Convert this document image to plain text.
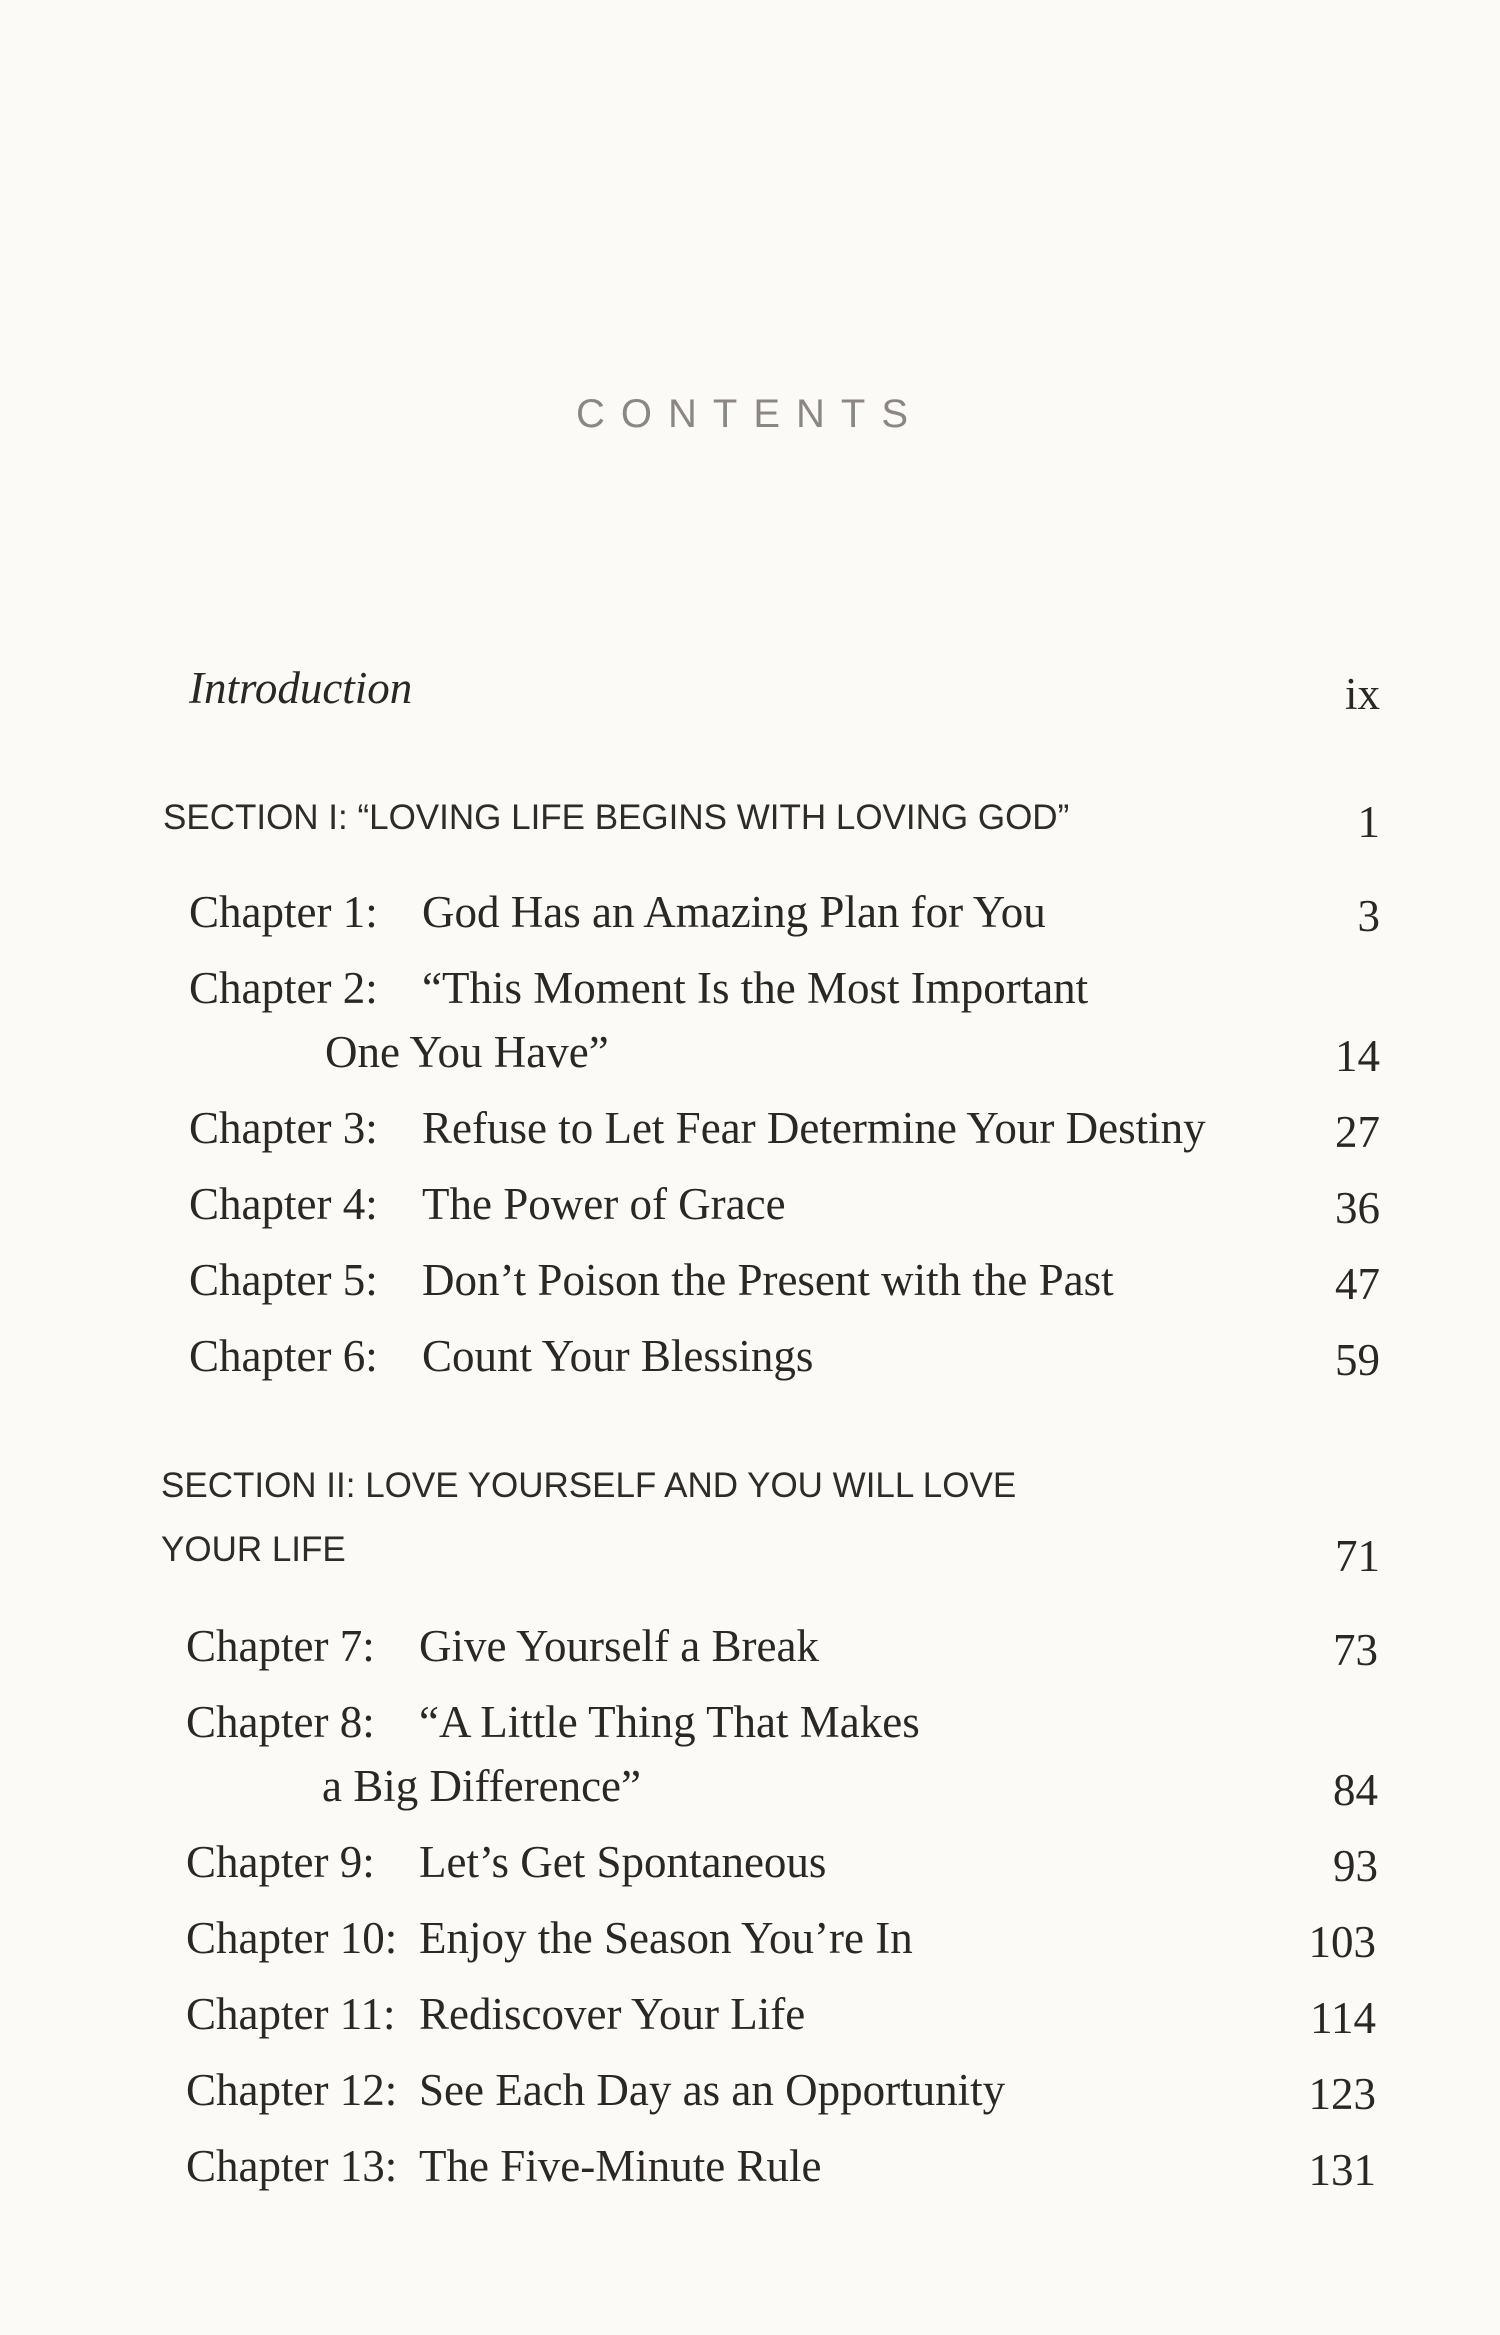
CONTENTS
Introduction	ix
SECTION I: “LOVING LIFE BEGINS WITH LOVING GOD”	1
Chapter 1: God Has an Amazing Plan for You	3
Chapter 2: “This Moment Is the Most Important
One You Have”	14
Chapter 3: Refuse to Let Fear Determine Your Destiny	27
Chapter 4: The Power of Grace	36
Chapter 5: Don’t Poison the Present with the Past	47
Chapter 6: Count Your Blessings	59
SECTION II: LOVE YOURSELF AND YOU WILL LOVE
YOUR LIFE	71
Chapter 7: Give Yourself a Break	73
Chapter 8: “A Little Thing That Makes
a Big Difference”	84
Chapter 9: Let’s Get Spontaneous	93
Chapter 10: Enjoy the Season You’re In	103
Chapter 11: Rediscover Your Life	114
Chapter 12: See Each Day as an Opportunity	123
Chapter 13: The Five-Minute Rule	131
